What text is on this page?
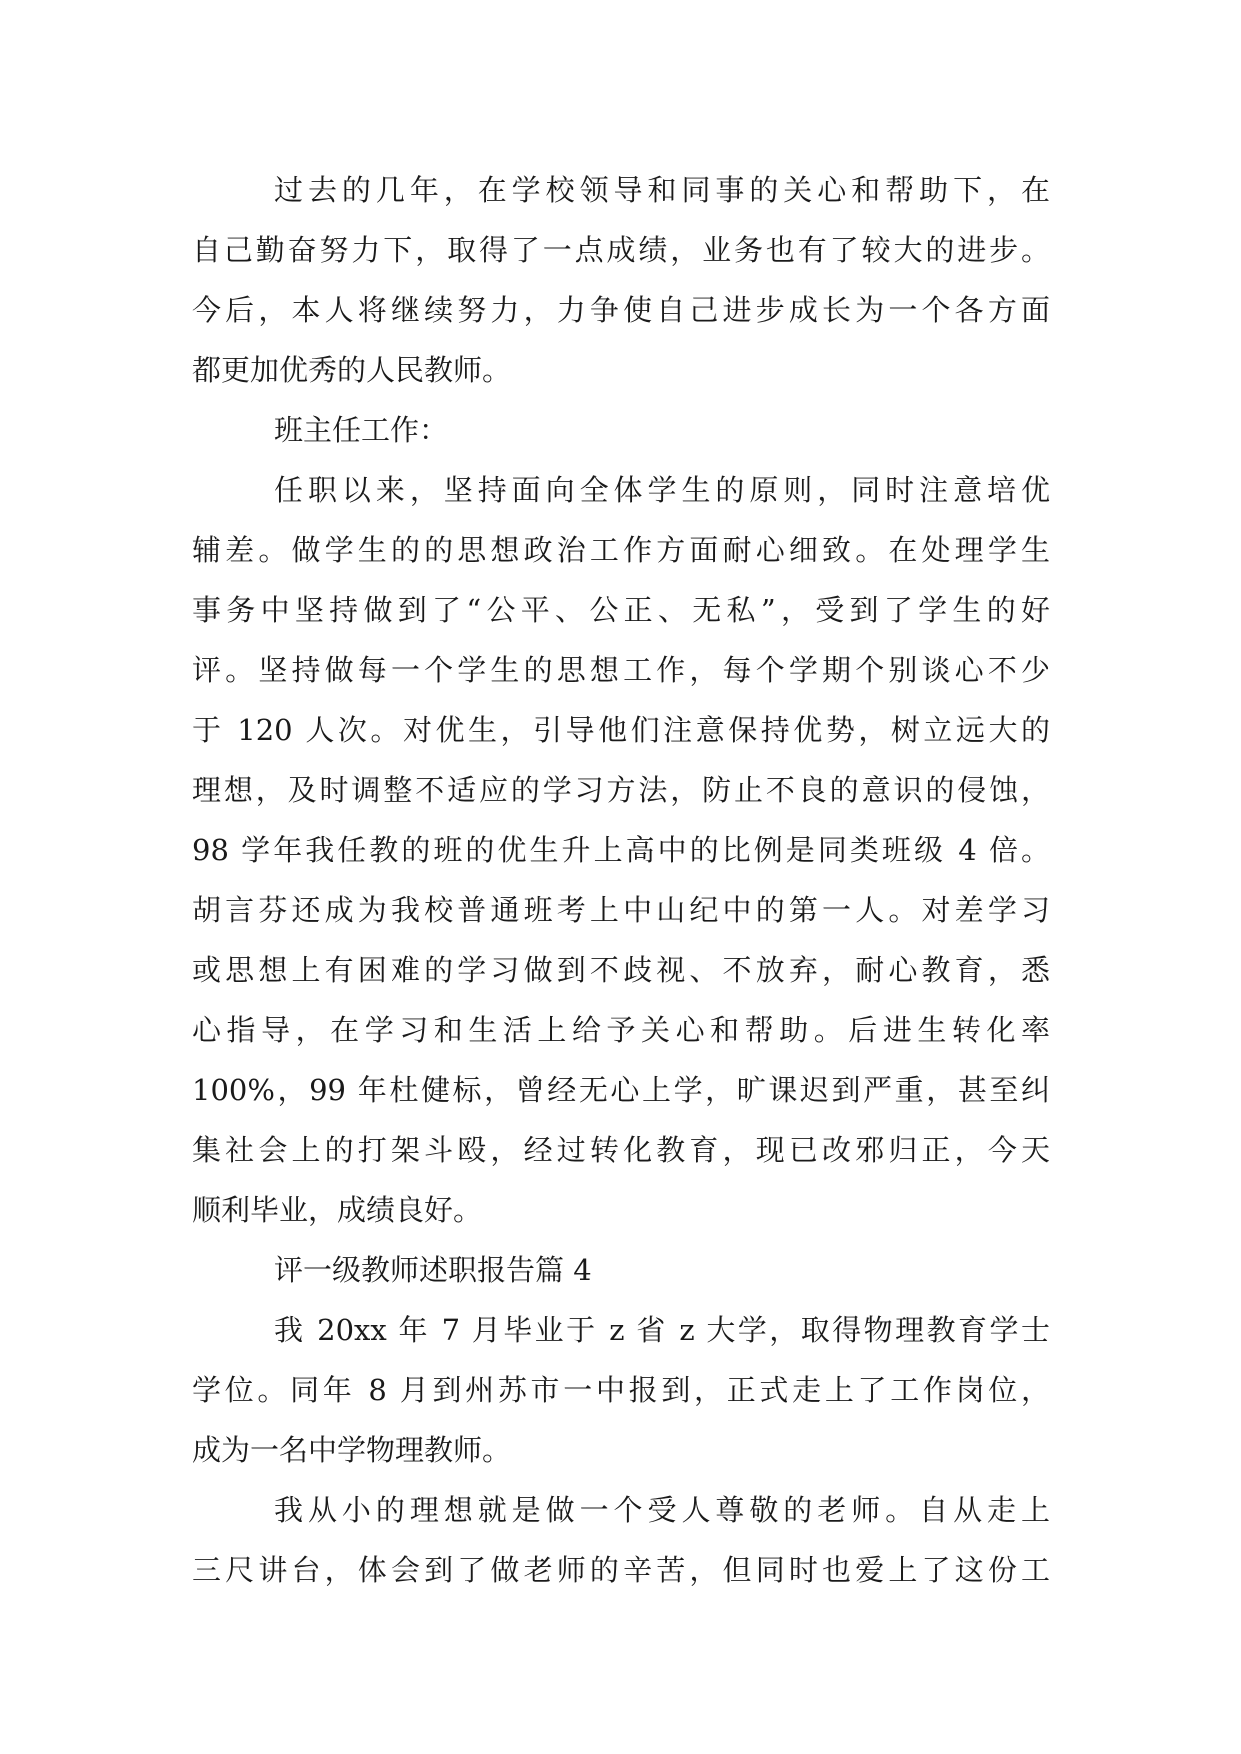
过去的几年，在学校领导和同事的关心和帮助下，在
自己勤奋努力下，取得了一点成绩，业务也有了较大的进步。
今后，本人将继续努力，力争使自己进步成长为一个各方面
都更加优秀的人民教师。
班主任工作：
任职以来，坚持面向全体学生的原则，同时注意培优
辅差。做学生的的思想政治工作方面耐心细致。在处理学生
事务中坚持做到了“公平、公正、无私”，受到了学生的好
评。坚持做每一个学生的思想工作，每个学期个别谈心不少
于 120 人次。对优生，引导他们注意保持优势，树立远大的
理想，及时调整不适应的学习方法，防止不良的意识的侵蚀，
98 学年我任教的班的优生升上高中的比例是同类班级 4 倍。
胡言芬还成为我校普通班考上中山纪中的第一人。对差学习
或思想上有困难的学习做到不歧视、不放弃，耐心教育，悉
心指导，在学习和生活上给予关心和帮助。后进生转化率
100%，99 年杜健标，曾经无心上学，旷课迟到严重，甚至纠
集社会上的打架斗殴，经过转化教育，现已改邪归正，今天
顺利毕业，成绩良好。
评一级教师述职报告篇 4
我 20xx 年 7 月毕业于 z 省 z 大学，取得物理教育学士
学位。同年 8 月到州苏市一中报到，正式走上了工作岗位，
成为一名中学物理教师。
我从小的理想就是做一个受人尊敬的老师。自从走上
三尺讲台，体会到了做老师的辛苦，但同时也爱上了这份工
